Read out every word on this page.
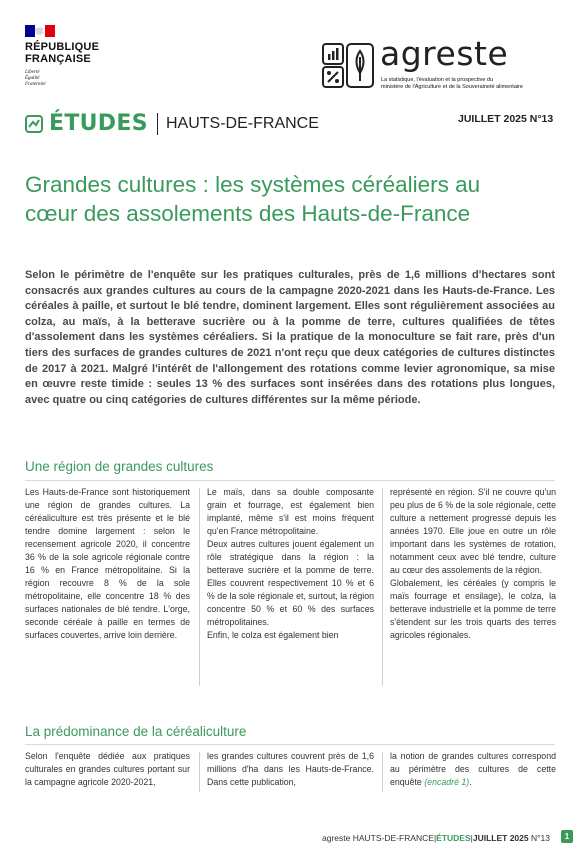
RÉPUBLIQUE
FRANÇAISE
Liberté
Égalité
Fraternité
agreste
La statistique, l'évaluation et la prospective du
ministère de l'Agriculture et de la Souveraineté alimentaire
ÉTUDES HAUTS-DE-FRANCE	JUILLET 2025 N°13
Grandes cultures : les systèmes céréaliers au
cœur des assolements des Hauts-de-France
Selon le périmètre de l'enquête sur les pratiques culturales, près de 1,6 millions d'hectares sont consacrés aux grandes cultures au cours de la campagne 2020-2021 dans les Hauts-de-France. Les céréales à paille, et surtout le blé tendre, dominent largement. Elles sont régulièrement associées au colza, au maïs, à la betterave sucrière ou à la pomme de terre, cultures qualifiées de têtes d'assolement dans les systèmes céréaliers. Si la pratique de la monoculture se fait rare, près d'un tiers des surfaces de grandes cultures de 2021 n'ont reçu que deux catégories de cultures distinctes de 2017 à 2021. Malgré l'intérêt de l'allongement des rotations comme levier agronomique, sa mise en œuvre reste timide : seules 13 % des surfaces sont insérées dans des rotations plus longues, avec quatre ou cinq catégories de cultures différentes sur la même période.
Une région de grandes cultures

Les Hauts-de-France sont historiquement une région de grandes cultures. La céréaliculture est très présente et le blé tendre domine largement : selon le recensement agricole 2020, il concentre 36 % de la sole agricole régionale contre 16 % en France métropolitaine. Si la région recouvre 8 % de la sole métropolitaine, elle concentre 18 % des surfaces nationales de blé tendre. L'orge, seconde céréale à paille en termes de surfaces couvertes, arrive loin derrière.

Le maïs, dans sa double composante grain et fourrage, est également bien implanté, même s'il est moins fréquent qu'en France métropolitaine.

Deux autres cultures jouent également un rôle stratégique dans la région : la betterave sucrière et la pomme de terre. Elles couvrent respectivement 10 % et 6 % de la sole régionale et, surtout, la région concentre 50 % et 60 % des surfaces métropolitaines.

Enfin, le colza est également bien

représenté en région. S'il ne couvre qu'un peu plus de 6 % de la sole régionale, cette culture a nettement progressé depuis les années 1970. Elle joue en outre un rôle important dans les systèmes de rotation, notamment ceux avec blé tendre, culture au cœur des assolements de la région.

Globalement, les céréales (y compris le maïs fourrage et ensilage), le colza, la betterave industrielle et la pomme de terre s'étendent sur les trois quarts des terres agricoles régionales.

La prédominance de la céréaliculture

Selon l'enquête dédiée aux pratiques culturales en grandes cultures portant sur la campagne agricole 2020-2021,

les grandes cultures couvrent près de 1,6 millions d'ha dans les Hauts-de-France. Dans cette publication,

la notion de grandes cultures correspond au périmètre des cultures de cette enquête (encadré 1).

agreste HAUTS-DE-FRANCE|ÉTUDES|JUILLET 2025 N°13	1
